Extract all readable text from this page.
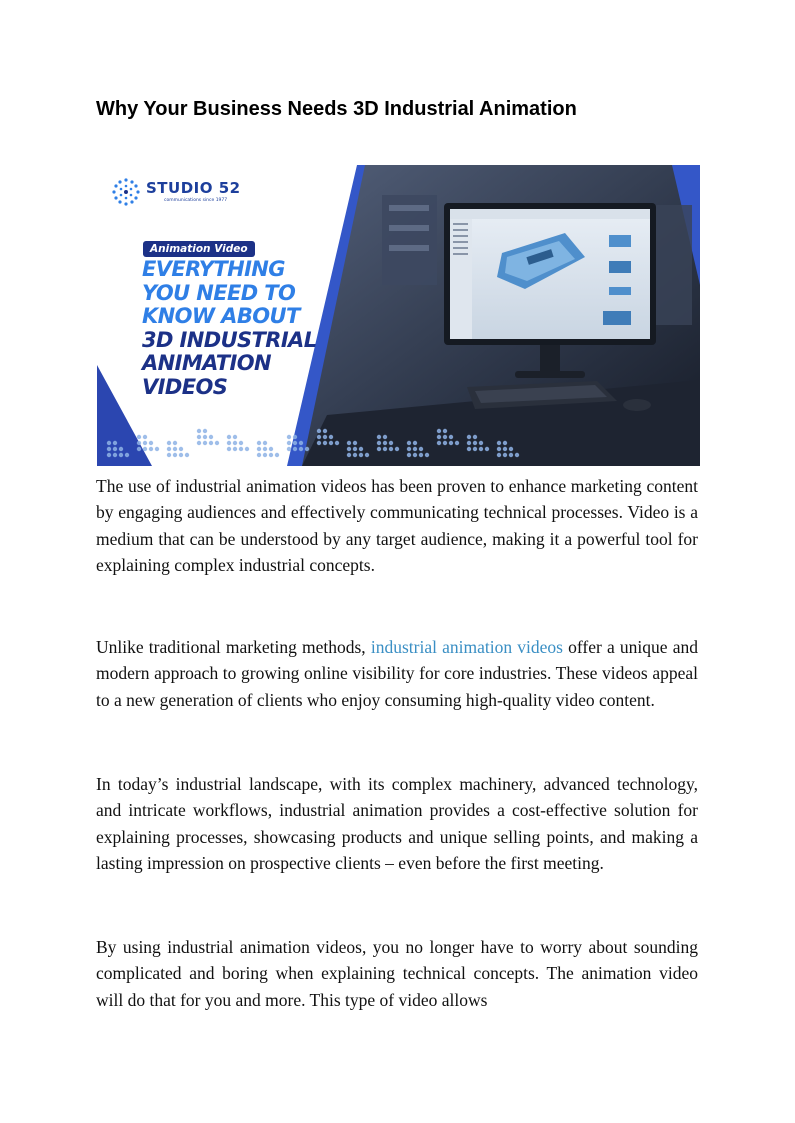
Why Your Business Needs 3D Industrial Animation
STUDIO 52
communications since 1977
Animation Video
EVERYTHING
YOU NEED TO
KNOW ABOUT
3D INDUSTRIAL
ANIMATION
VIDEOS

The use of industrial animation videos has been proven to enhance marketing content by engaging audiences and effectively communicating technical processes. Video is a medium that can be understood by any target audience, making it a powerful tool for explaining complex industrial concepts.

Unlike traditional marketing methods, industrial animation videos offer a unique and modern approach to growing online visibility for core industries. These videos appeal to a new generation of clients who enjoy consuming high-quality video content.

In today’s industrial landscape, with its complex machinery, advanced technology, and intricate workflows, industrial animation provides a cost-effective solution for explaining processes, showcasing products and unique selling points, and making a lasting impression on prospective clients – even before the first meeting.

By using industrial animation videos, you no longer have to worry about sounding complicated and boring when explaining technical concepts. The animation video will do that for you and more. This type of video allows
